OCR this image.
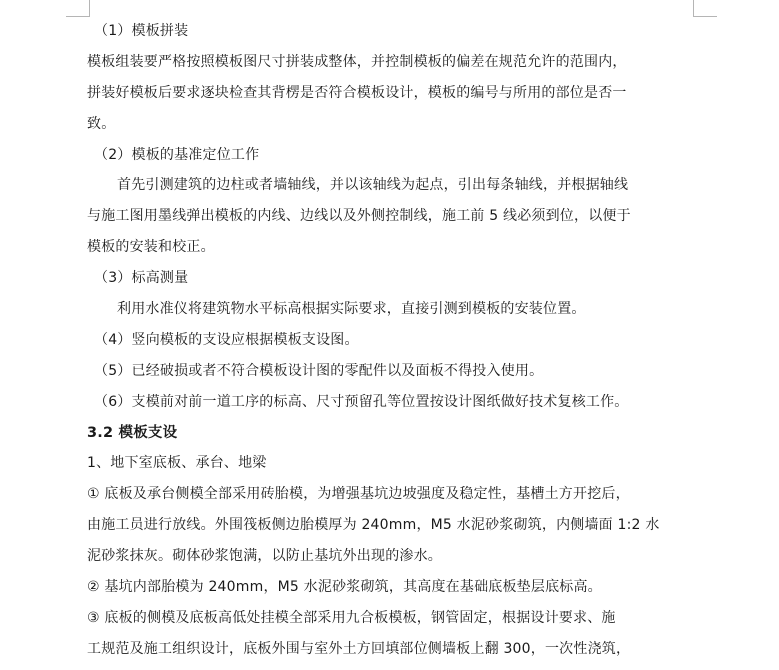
（1）模板拼装
模板组装要严格按照模板图尺寸拼装成整体，并控制模板的偏差在规范允许的范围内，
拼装好模板后要求逐块检查其背楞是否符合模板设计，模板的编号与所用的部位是否一
致。
（2）模板的基准定位工作
首先引测建筑的边柱或者墙轴线，并以该轴线为起点，引出每条轴线，并根据轴线
与施工图用墨线弹出模板的内线、边线以及外侧控制线，施工前 5 线必须到位，以便于
模板的安装和校正。
（3）标高测量
利用水准仪将建筑物水平标高根据实际要求，直接引测到模板的安装位置。
（4）竖向模板的支设应根据模板支设图。
（5）已经破损或者不符合模板设计图的零配件以及面板不得投入使用。
（6）支模前对前一道工序的标高、尺寸预留孔等位置按设计图纸做好技术复核工作。
3.2 模板支设
1、地下室底板、承台、地梁
① 底板及承台侧模全部采用砖胎模，为增强基坑边坡强度及稳定性，基槽土方开挖后，
由施工员进行放线。外围筏板侧边胎模厚为 240mm，M5 水泥砂浆砌筑，内侧墙面 1:2 水
泥砂浆抹灰。砌体砂浆饱满，以防止基坑外出现的渗水。
② 基坑内部胎模为 240mm，M5 水泥砂浆砌筑，其高度在基础底板垫层底标高。
③ 底板的侧模及底板高低处挂模全部采用九合板模板，钢管固定，根据设计要求、施
工规范及施工组织设计，底板外围与室外土方回填部位侧墙板上翻 300，一次性浇筑，
